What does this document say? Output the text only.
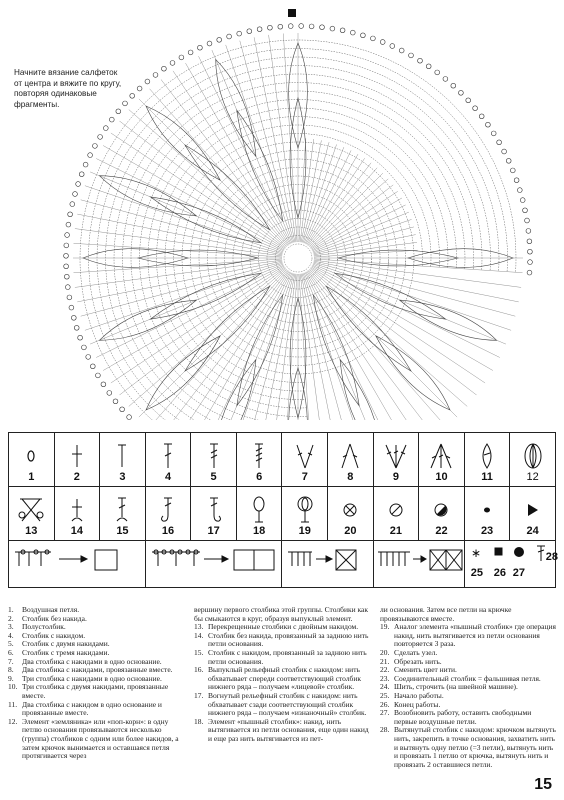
Начните вязание салфеток от центра и вяжите по кругу, повторяя одинаковые фрагменты.
1	2	3	4	5	6	7	8	9	10	11	12

13	14	15	16	17	18	19	20	21	22	23	24

∗
25 26 27
28	
1.	Воздушная петля.
2.	Столбик без накида.
3.	Полустолбик.
4.	Столбик с накидом.
5.	Столбик с двумя накидами.
6.	Столбик с тремя накидами.
7.	Два столбика с накидами в одно основание.
8.	Два столбика с накидами, провязанные вместе.
9.	Три столбика с накидами в одно основание.
10. Три столбика с двумя накидами, провязанные вместе.
11. Два столбика с накидом в одно основание и провязанные вместе.
12. Элемент «земляника» или «поп-корн»: в одну петлю основания провязываются несколько (группа) столбиков с одним или более накидов, а затем крючок вынимается и оставшаяся петля протягивается через

вершину первого столбика этой группы. Столбики как бы смыкаются в круг, образуя выпуклый элемент.

13. Перекрещенные столбики с двойным накидом.
14. Столбик без накида, провязанный за заднюю нить петли основания.
15. Столбик с накидом, провязанный за заднюю нить петли основания.
16. Выпуклый рельефный столбик с накидом: нить обхватывает спереди соответствующий столбик нижнего ряда – получаем «лицевой» столбик.
17. Вогнутый рельефный столбик с накидом: нить обхватывает сзади соответствующий столбик нижнего ряда – получаем «изнаночный» столбик.
18. Элемент «пышный столбик»: накид, нить вытягивается из петли основания, еще один накид и еще раз нить вытягивается из пет-

ли основания. Затем все петли на крючке провязываются вместе.

19. Аналог элемента «пышный столбик» где операция накид, нить вытягивается из петли основания повторяется 3 раза.
20. Сделать узел.
21. Обрезать нить.
22. Сменить цвет нити.
23. Соединительный столбик = фальшивая петля.
24. Шить, строчить (на швейной машине).
25. Начало работы.
26. Конец работы.
27. Возобновить работу, оставить свободными первые воздушные петли.
28. Вытянутый столбик с накидом: крючком вытянуть нить, закрепить в точке основания, захватить нить и вытянуть одну петлю (=3 петли), вытянуть нить и провязать 1 петлю от крючка, вытянуть нить и провязать 2 оставшиеся петли.
15
